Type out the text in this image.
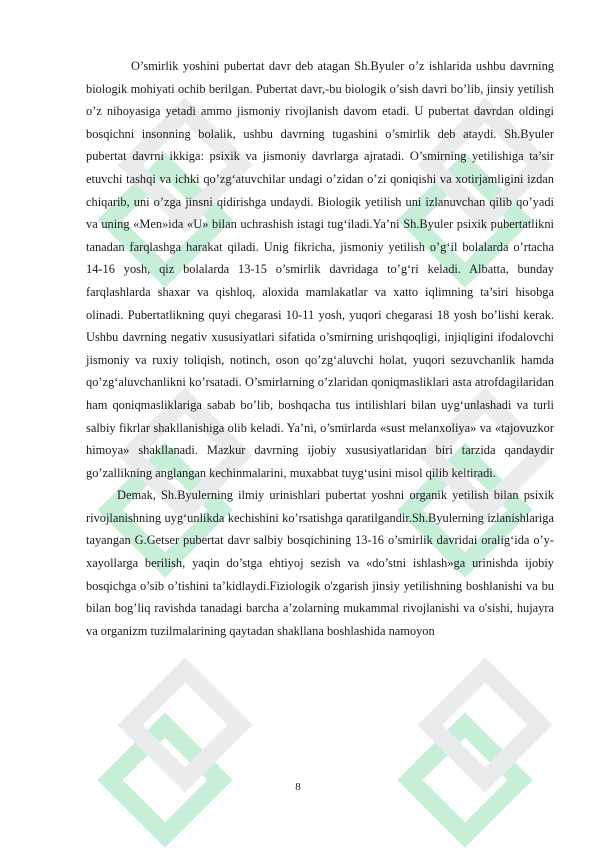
O’smirlik yoshini pubertat davr deb atagan Sh.Byuler o’z ishlarida ushbu davrning biologik mohiyati ochib berilgan. Pubertat davr,-bu biologik o’sish davri bo’lib, jinsiy yetilish o’z nihoyasiga yetadi ammo jismoniy rivojlanish davom etadi. U pubertat davrdan oldingi bosqichni insonning bolalik, ushbu davrning tugashini o’smirlik deb ataydi. Sh.Byuler pubertat davrni ikkiga: psixik va jismoniy davrlarga ajratadi. O’smirning yetilishiga ta’sir etuvchi tashqi va ichki qo’zg‘atuvchilar undagi o’zidan o’zi qoniqishi va xotirjamligini izdan chiqarib, uni o’zga jinsni qidirishga undaydi. Biologik yetilish uni izlanuvchan qilib qo’yadi va uning «Men»ida «U» bilan uchrashish istagi tug‘iladi.Ya’ni Sh.Byuler psixik pubertatlikni tanadan farqlashga harakat qiladi. Unig fikricha, jismoniy yetilish o’g‘il bolalarda o’rtacha 14-16 yosh, qiz bolalarda 13-15 o’smirlik davridaga to’g‘ri keladi. Albatta, bunday farqlashlarda shaxar va qishloq, aloxida mamlakatlar va xatto iqlimning ta’siri hisobga olinadi. Pubertatlikning quyi chegarasi 10-11 yosh, yuqori chegarasi 18 yosh bo’lishi kerak. Ushbu davrning negativ xususiyatlari sifatida o’smirning urishqoqligi, injiqligini ifodalovchi jismoniy va ruxiy toliqish, notinch, oson qo’zg‘aluvchi holat, yuqori sezuvchanlik hamda qo’zg‘aluvchanlikni ko’rsatadi. O’smirlarning o’zlaridan qoniqmasliklari asta atrofdagilaridan ham qoniqmasliklariga sabab bo’lib, boshqacha tus intilishlari bilan uyg‘unlashadi va turli salbiy fikrlar shakllanishiga olib keladi. Ya’ni, o’smirlarda «sust melanxoliya» va «tajovuzkor himoya» shakllanadi. Mazkur davrning ijobiy xususiyatlaridan biri tarzida qandaydir go’zallikning anglangan kechinmalarini, muxabbat tuyg‘usini misol qilib keltiradi.

Demak, Sh.Byulerning ilmiy urinishlari pubertat yoshni organik yetilish bilan psixik rivojlanishning uyg‘unlikda kechishini ko’rsatishga qaratilgandir.Sh.Byulerning izlanishlariga tayangan G.Getser pubertat davr salbiy bosqichining 13-16 o’smirlik davridai oralig‘ida o’y-xayollarga berilish, yaqin do’stga ehtiyoj sezish va «do’stni ishlash»ga urinishda ijobiy bosqichga o’sib o’tishini ta’kidlaydi.Fiziologik o'zgarish jinsiy yetilishning boshlanishi va bu bilan bog’liq ravishda tanadagi barcha a’zolarning mukammal rivojlanishi va o'sishi, hujayra va organizm tuzilmalarining qaytadan shakllana boshlashida namoyon

8
